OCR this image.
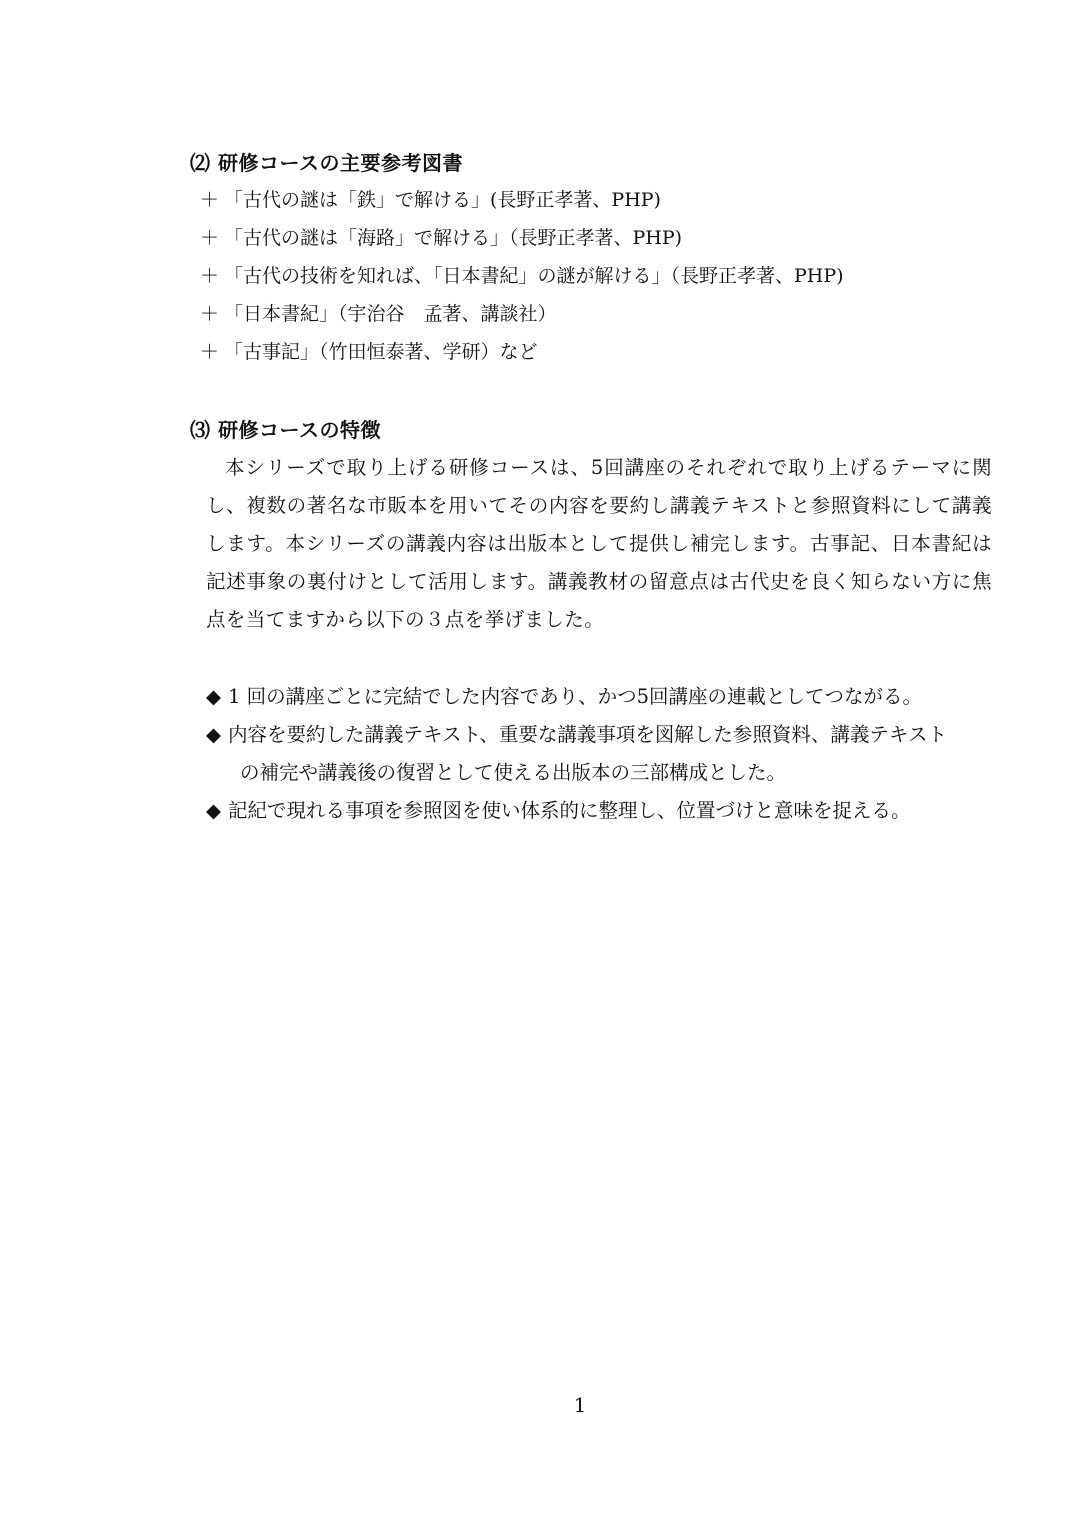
⑵ 研修コースの主要参考図書
＋ 「古代の謎は「鉄」で解ける」(長野正孝著、PHP)
＋ 「古代の謎は「海路」で解ける」（長野正孝著、PHP)
＋ 「古代の技術を知れば、「日本書紀」の謎が解ける」（長野正孝著、PHP)
＋ 「日本書紀」（宇治谷　孟著、講談社）
＋ 「古事記」（竹田恒泰著、学研）など
⑶ 研修コースの特徴

本シリーズで取り上げる研修コースは、5回講座のそれぞれで取り上げるテーマに関し、複数の著名な市販本を用いてその内容を要約し講義テキストと参照資料にして講義します。本シリーズの講義内容は出版本として提供し補完します。古事記、日本書紀は記述事象の裏付けとして活用します。講義教材の留意点は古代史を良く知らない方に焦点を当てますから以下の３点を挙げました。

◆ 1 回の講座ごとに完結でした内容であり、かつ5回講座の連載としてつながる。
◆ 内容を要約した講義テキスト、重要な講義事項を図解した参照資料、講義テキスト
の補完や講義後の復習として使える出版本の三部構成とした。
◆ 記紀で現れる事項を参照図を使い体系的に整理し、位置づけと意味を捉える。
1
